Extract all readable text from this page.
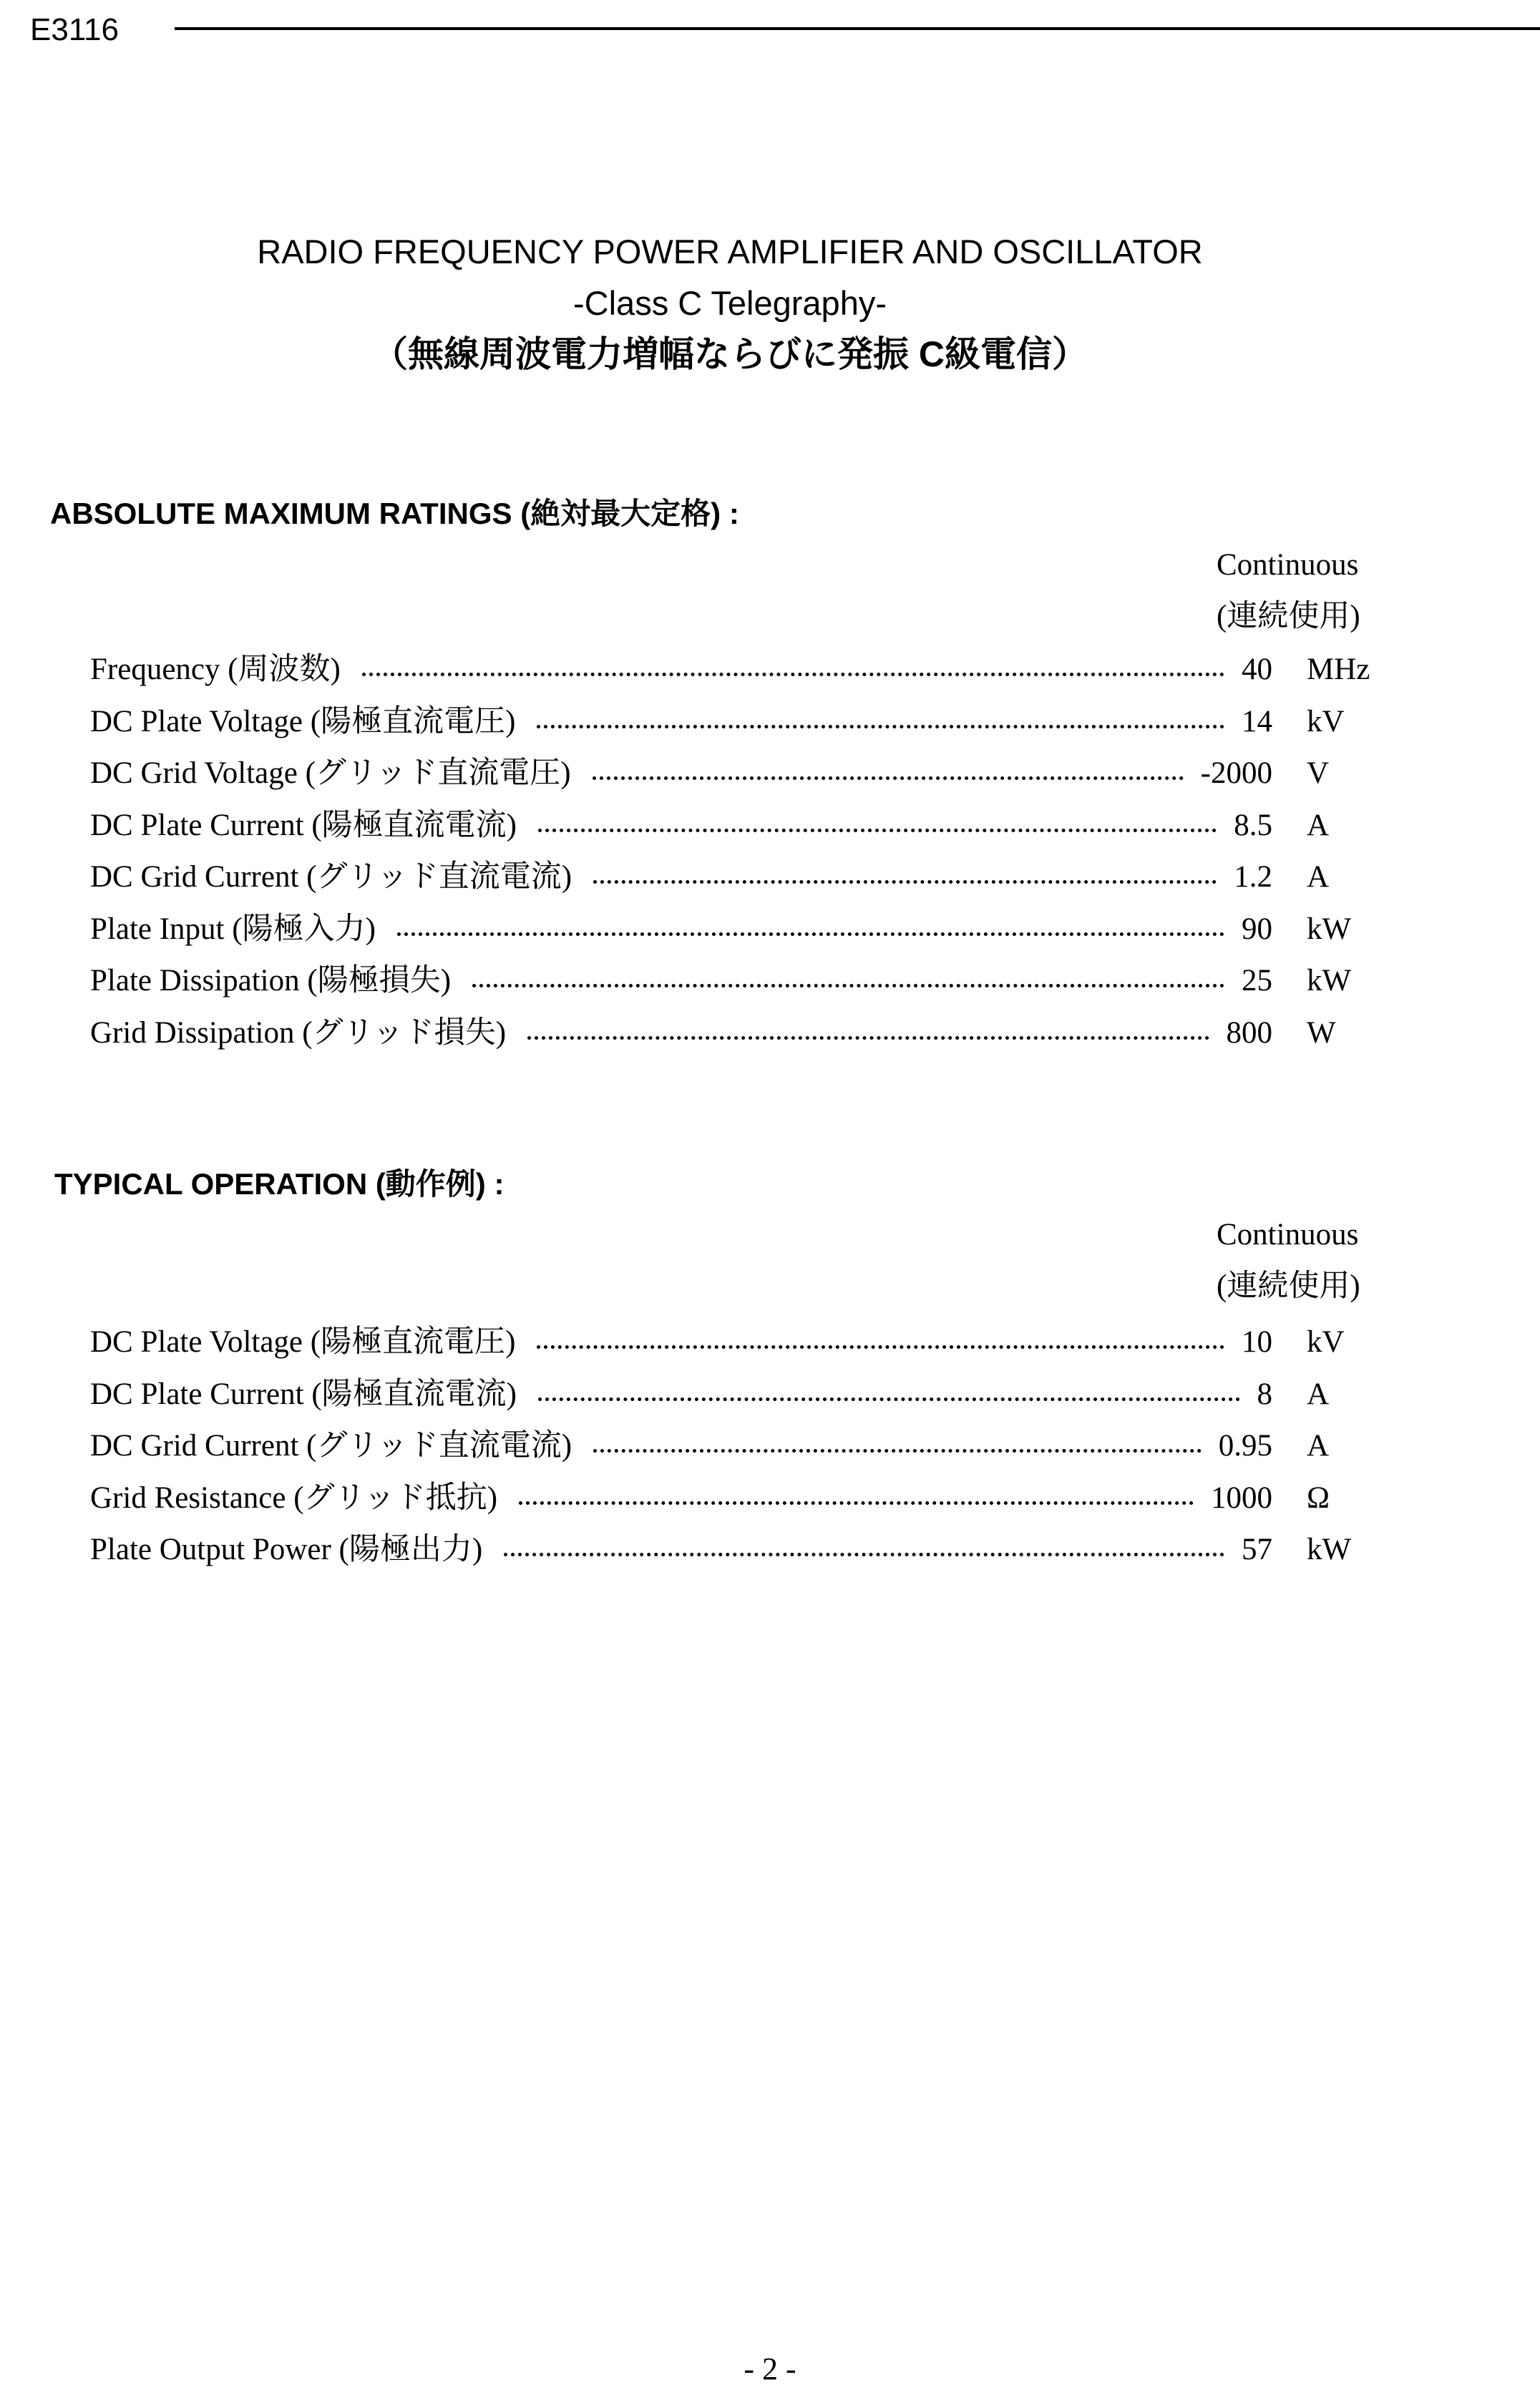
E3116
RADIO FREQUENCY POWER AMPLIFIER AND OSCILLATOR
-Class C Telegraphy-
（無線周波電力増幅ならびに発振 C級電信）
ABSOLUTE MAXIMUM RATINGS (絶対最大定格) :
Continuous
(連続使用)
Frequency (周波数)	40 MHz
DC Plate Voltage (陽極直流電圧)	14 kV
DC Grid Voltage (グリッド直流電圧)	-2000 V
DC Plate Current (陽極直流電流)	8.5 A
DC Grid Current (グリッド直流電流)	1.2 A
Plate Input (陽極入力)	90 kW
Plate Dissipation (陽極損失)	25 kW
Grid Dissipation (グリッド損失)	800 W
TYPICAL OPERATION (動作例) :
Continuous
(連続使用)
DC Plate Voltage (陽極直流電圧)	10 kV
DC Plate Current (陽極直流電流)	8 A
DC Grid Current (グリッド直流電流)	0.95 A
Grid Resistance (グリッド抵抗)	1000 Ω
Plate Output Power (陽極出力)	57 kW
- 2 -
